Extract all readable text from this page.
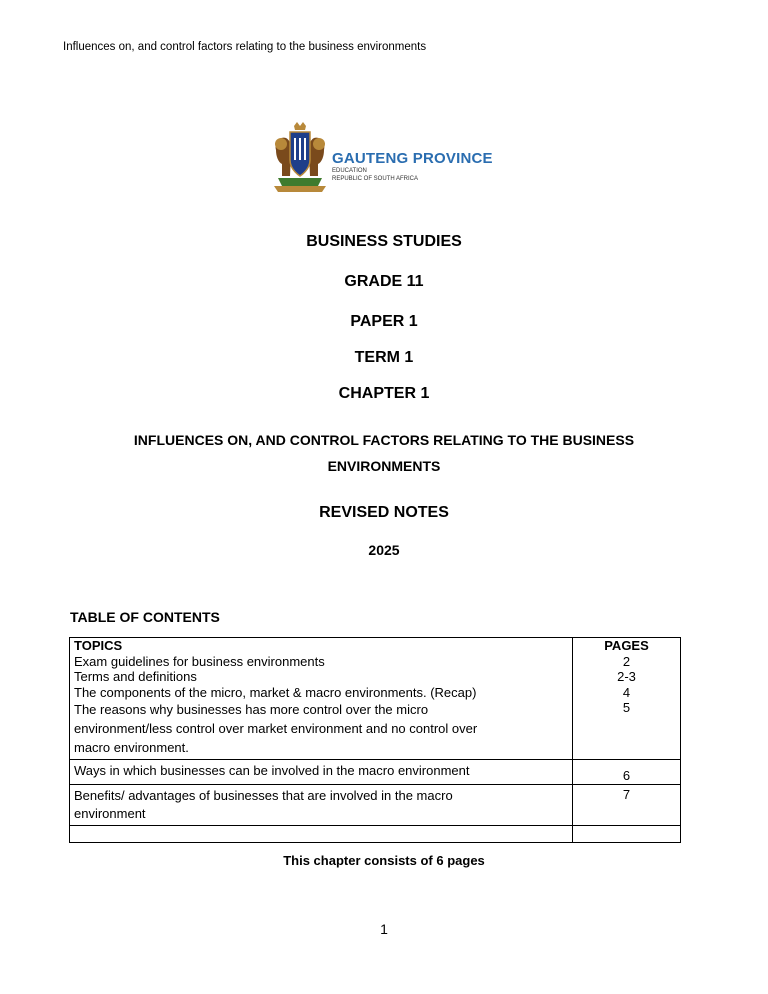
Influences on, and control factors relating to the business environments
GAUTENG PROVINCE
EDUCATION
REPUBLIC OF SOUTH AFRICA
BUSINESS STUDIES
GRADE 11
PAPER 1
TERM 1
CHAPTER 1
INFLUENCES ON, AND CONTROL FACTORS RELATING TO THE BUSINESS
ENVIRONMENTS
REVISED NOTES
2025
TABLE OF CONTENTS
TOPICS	PAGES
Exam guidelines for business environments	2
Terms and definitions	2-3
The components of the micro, market & macro environments. (Recap)	4

The reasons why businesses has more control over the micro
environment/less control over market environment and no control over
macro environment.	5
Ways in which businesses can be involved in the macro environment	6

Benefits/ advantages of businesses that are involved in the macro
environment	7

This chapter consists of 6 pages
1
